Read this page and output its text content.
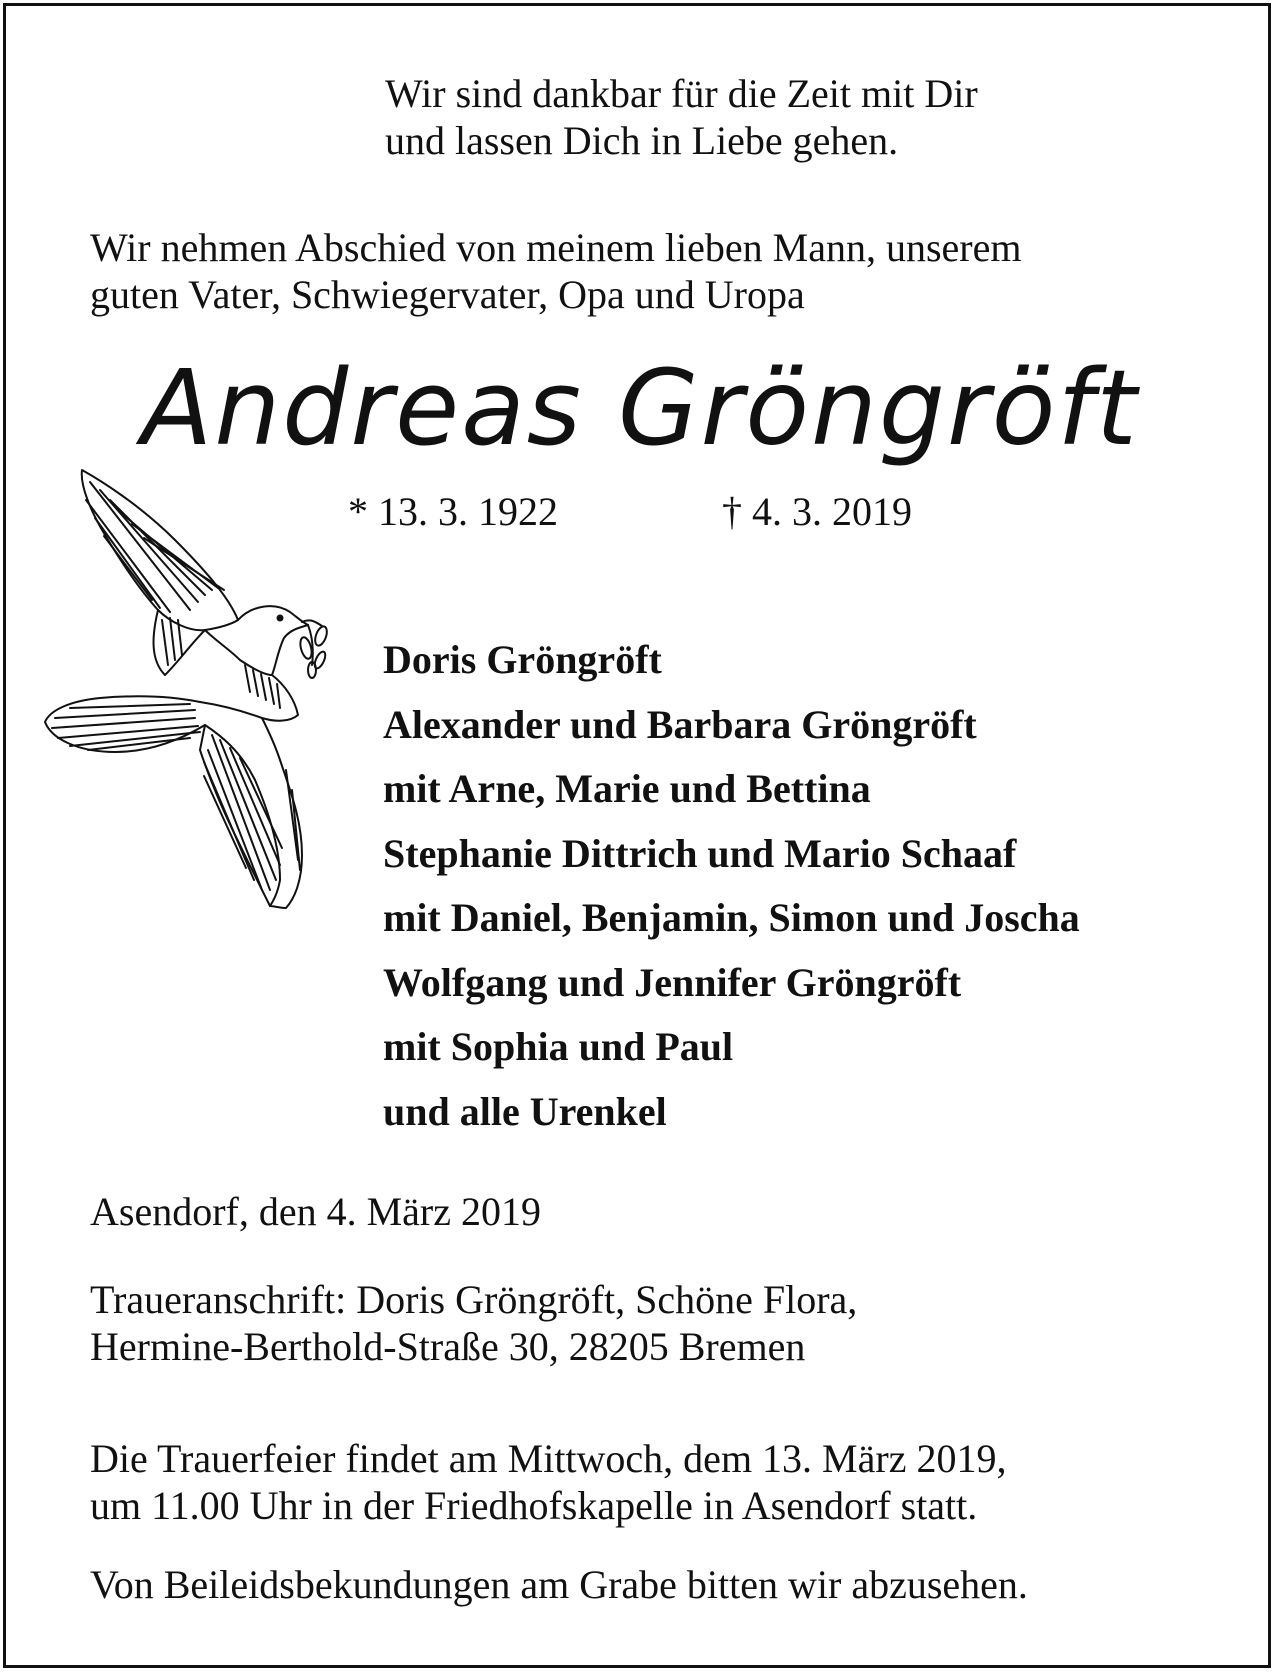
Wir sind dankbar für die Zeit mit Dir
und lassen Dich in Liebe gehen.
Wir nehmen Abschied von meinem lieben Mann, unserem
guten Vater, Schwiegervater, Opa und Uropa
Andreas Gröngröft
* 13. 3. 1922	† 4. 3. 2019
Doris Gröngröft
Alexander und Barbara Gröngröft
mit Arne, Marie und Bettina
Stephanie Dittrich und Mario Schaaf
mit Daniel, Benjamin, Simon und Joscha
Wolfgang und Jennifer Gröngröft
mit Sophia und Paul
und alle Urenkel
Asendorf, den 4. März 2019
Traueranschrift: Doris Gröngröft, Schöne Flora,
Hermine-Berthold-Straße 30, 28205 Bremen
Die Trauerfeier findet am Mittwoch, dem 13. März 2019,
um 11.00 Uhr in der Friedhofskapelle in Asendorf statt.
Von Beileidsbekundungen am Grabe bitten wir abzusehen.
